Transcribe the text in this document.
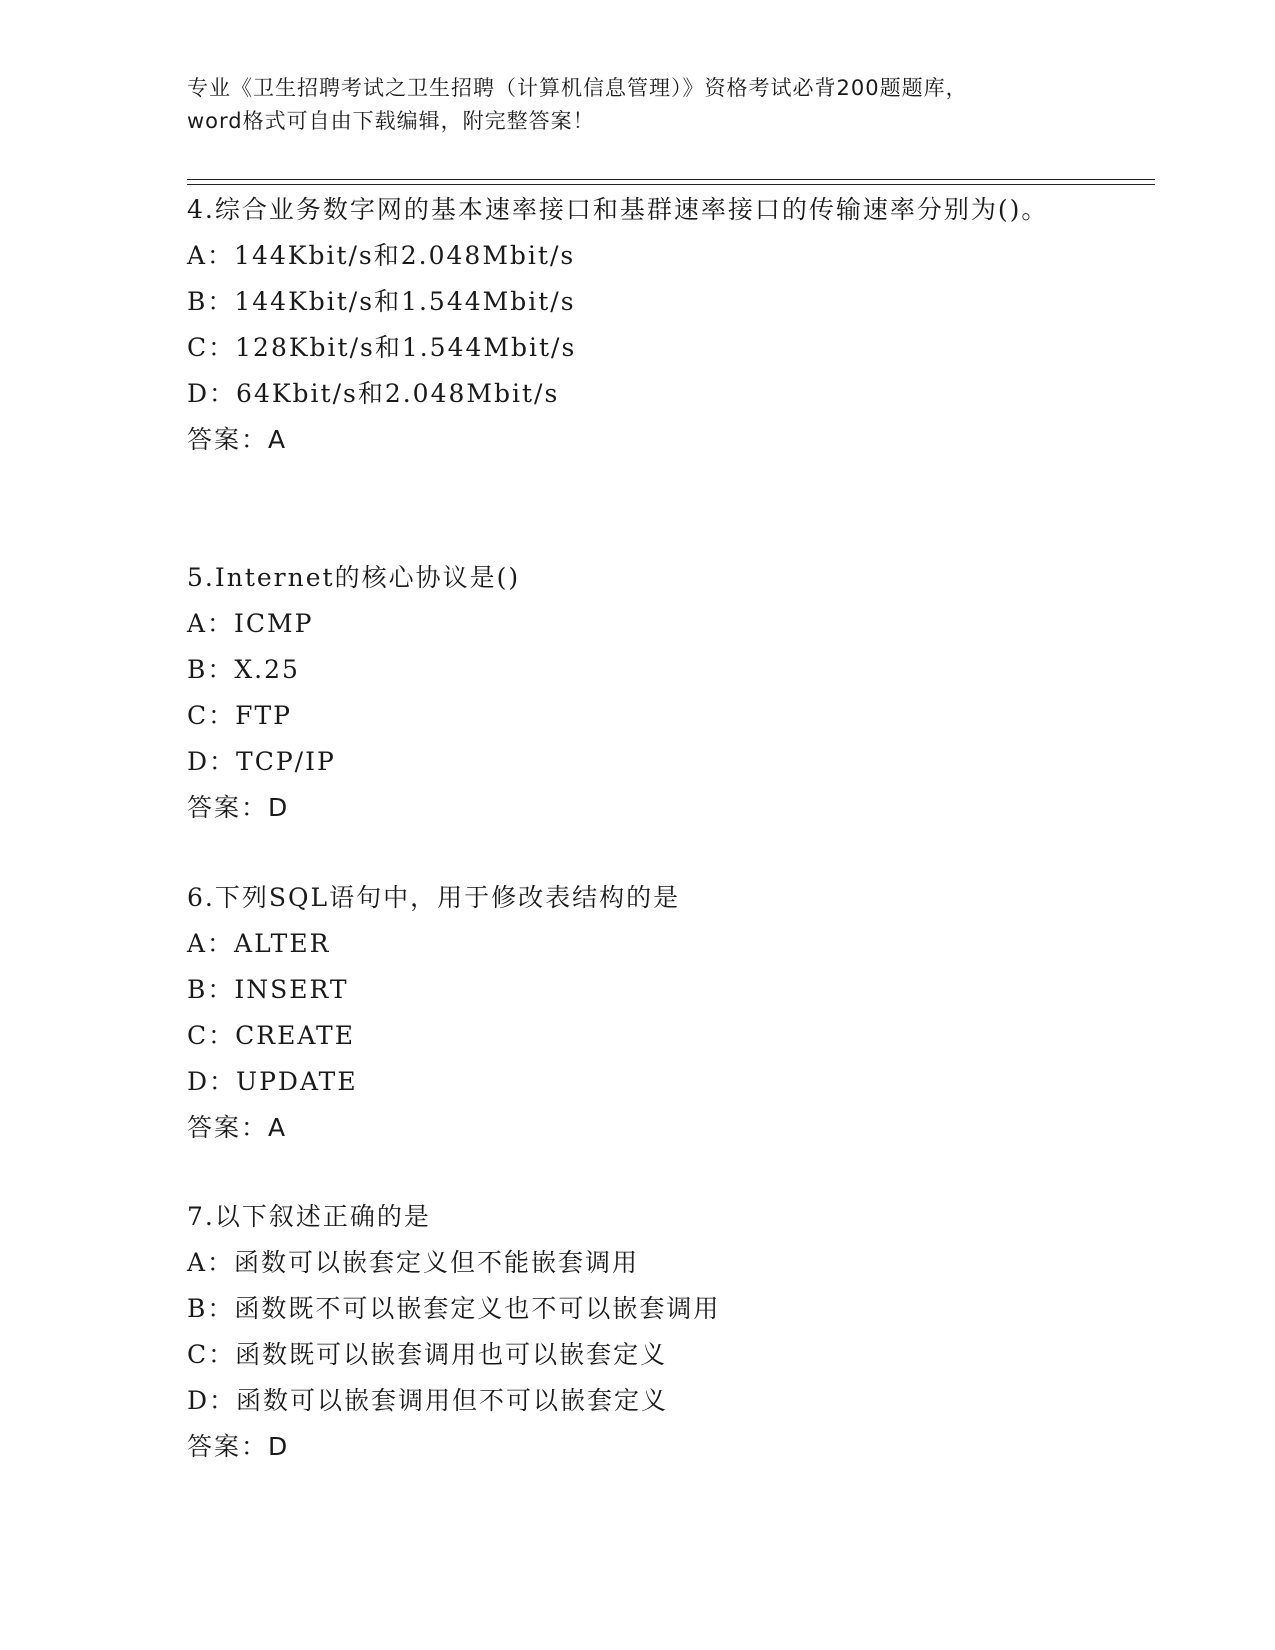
专业《卫生招聘考试之卫生招聘（计算机信息管理）》资格考试必背200题题库，
word格式可自由下载编辑，附完整答案！
4.综合业务数字网的基本速率接口和基群速率接口的传输速率分别为()。
A：144Kbit/s和2.048Mbit/s
B：144Kbit/s和1.544Mbit/s
C：128Kbit/s和1.544Mbit/s
D：64Kbit/s和2.048Mbit/s
答案：A
5.Internet的核心协议是()
A：ICMP
B：X.25
C：FTP
D：TCP/IP
答案：D
6.下列SQL语句中，用于修改表结构的是
A：ALTER
B：INSERT
C：CREATE
D：UPDATE
答案：A
7.以下叙述正确的是
A：函数可以嵌套定义但不能嵌套调用
B：函数既不可以嵌套定义也不可以嵌套调用
C：函数既可以嵌套调用也可以嵌套定义
D：函数可以嵌套调用但不可以嵌套定义
答案：D
